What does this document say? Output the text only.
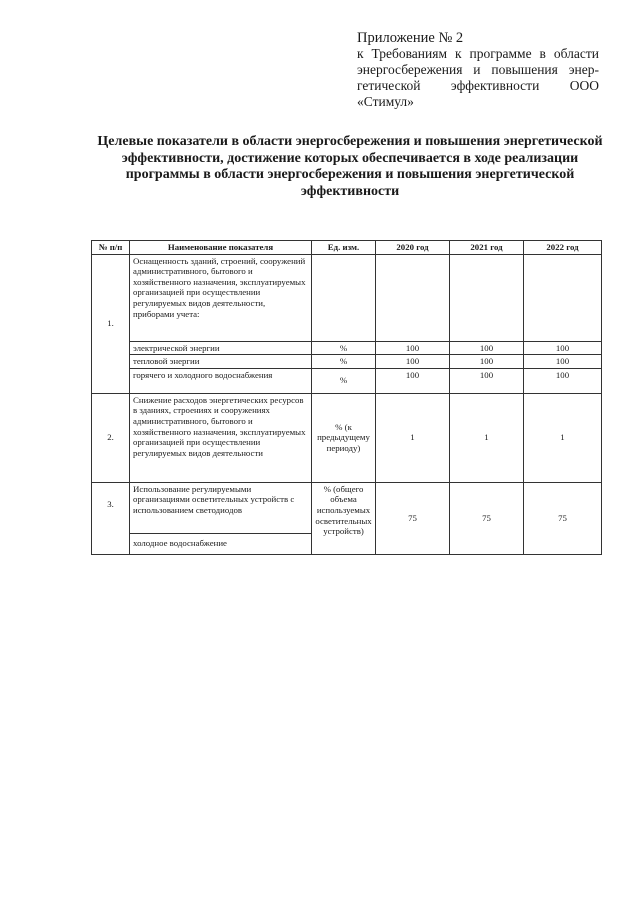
Приложение № 2
к Требованиям к программе в области
энергосбережения и повышения энер-
гетической эффективности ООО
«Стимул»
Целевые показатели в области энергосбережения и повышения энергетической эффективности, достижение которых обеспечивается в ходе реализации программы в области энергосбережения и повышения энергетической эффективности
№ п/п	Наименование показателя	Ед. изм.	2020 год	2021 год	2022 год
1.	Оснащенность зданий, строений, сооружений административного, бытового и хозяйственного назначения, эксплуатируемых организацией при осуществлении регулируемых видов деятельности, приборами учета:				
	электрической энергии	%	100	100	100
	тепловой энергии	%	100	100	100
	горячего и холодного водоснабжения	%	100	100	100
2.	Снижение расходов энергетических ресурсов в зданиях, строениях и сооружениях административного, бытового и хозяйственного назначения, эксплуатируемых организацией при осуществлении регулируемых видов деятельности	% (к предыдущему периоду)	1	1	1
3.	Использование регулируемыми организациями осветительных устройств с использованием светодиодов	% (общего объема используемых осветительных устройств)	75	75	75
	холодное водоснабжение				
